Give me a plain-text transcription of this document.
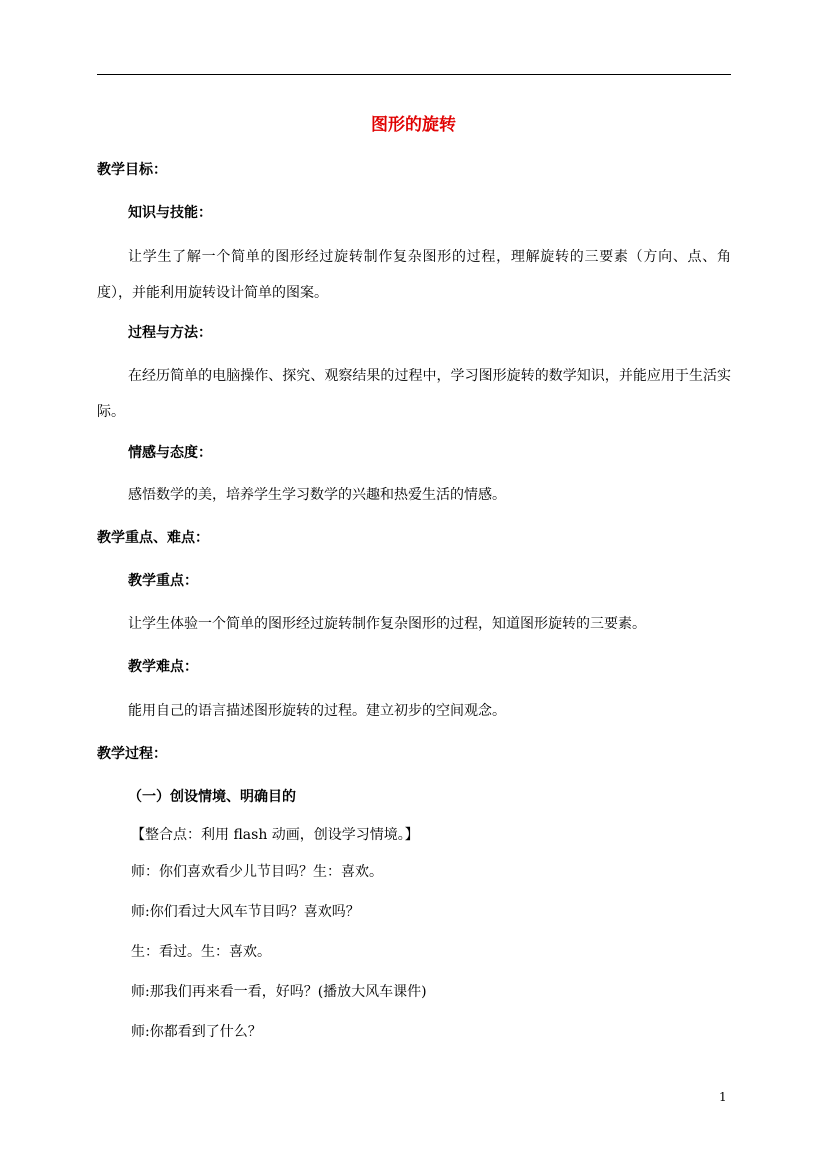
图形的旋转
教学目标：
知识与技能：
让学生了解一个简单的图形经过旋转制作复杂图形的过程，理解旋转的三要素（方向、点、角度），并能利用旋转设计简单的图案。
过程与方法：
在经历简单的电脑操作、探究、观察结果的过程中，学习图形旋转的数学知识，并能应用于生活实际。
情感与态度：
感悟数学的美，培养学生学习数学的兴趣和热爱生活的情感。
教学重点、难点：
教学重点：
让学生体验一个简单的图形经过旋转制作复杂图形的过程，知道图形旋转的三要素。
教学难点：
能用自己的语言描述图形旋转的过程。建立初步的空间观念。
教学过程：
（一）创设情境、明确目的
【整合点：利用 flash 动画，创设学习情境。】
师：你们喜欢看少儿节目吗？生：喜欢。
师:你们看过大风车节目吗？喜欢吗？
生：看过。生：喜欢。
师:那我们再来看一看，好吗？(播放大风车课件)
师:你都看到了什么？
1
